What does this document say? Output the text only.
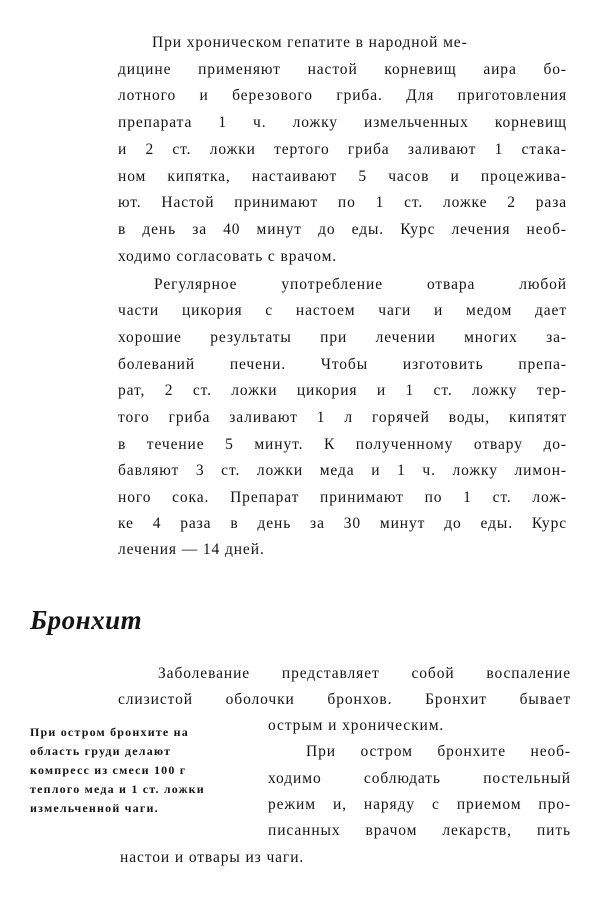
При хроническом гепатите в народной ме-

дицине применяют настой корневищ аира бо-

лотного и березового гриба. Для приготовления

препарата 1 ч. ложку измельченных корневищ

и 2 ст. ложки тертого гриба заливают 1 стака-

ном кипятка, настаивают 5 часов и процежива-

ют. Настой принимают по 1 ст. ложке 2 раза

в день за 40 минут до еды. Курс лечения необ-

ходимо согласовать с врачом.

Регулярное употребление отвара любой

части цикория с настоем чаги и медом дает

хорошие результаты при лечении многих за-

болеваний печени. Чтобы изготовить препа-

рат, 2 ст. ложки цикория и 1 ст. ложку тер-

того гриба заливают 1 л горячей воды, кипятят

в течение 5 минут. К полученному отвару до-

бавляют 3 ст. ложки меда и 1 ч. ложку лимон-

ного сока. Препарат принимают по 1 ст. лож-

ке 4 раза в день за 30 минут до еды. Курс

лечения — 14 дней.

Бронхит

Заболевание представляет собой воспаление

слизистой оболочки бронхов. Бронхит бывает

острым и хроническим.

При остром бронхите необ-

ходимо соблюдать постельный

режим и, наряду с приемом про-

писанных врачом лекарств, пить

настои и отвары из чаги.

При остром бронхите на

область груди делают

компресс из смеси 100 г

теплого меда и 1 ст. ложки

измельченной чаги.
